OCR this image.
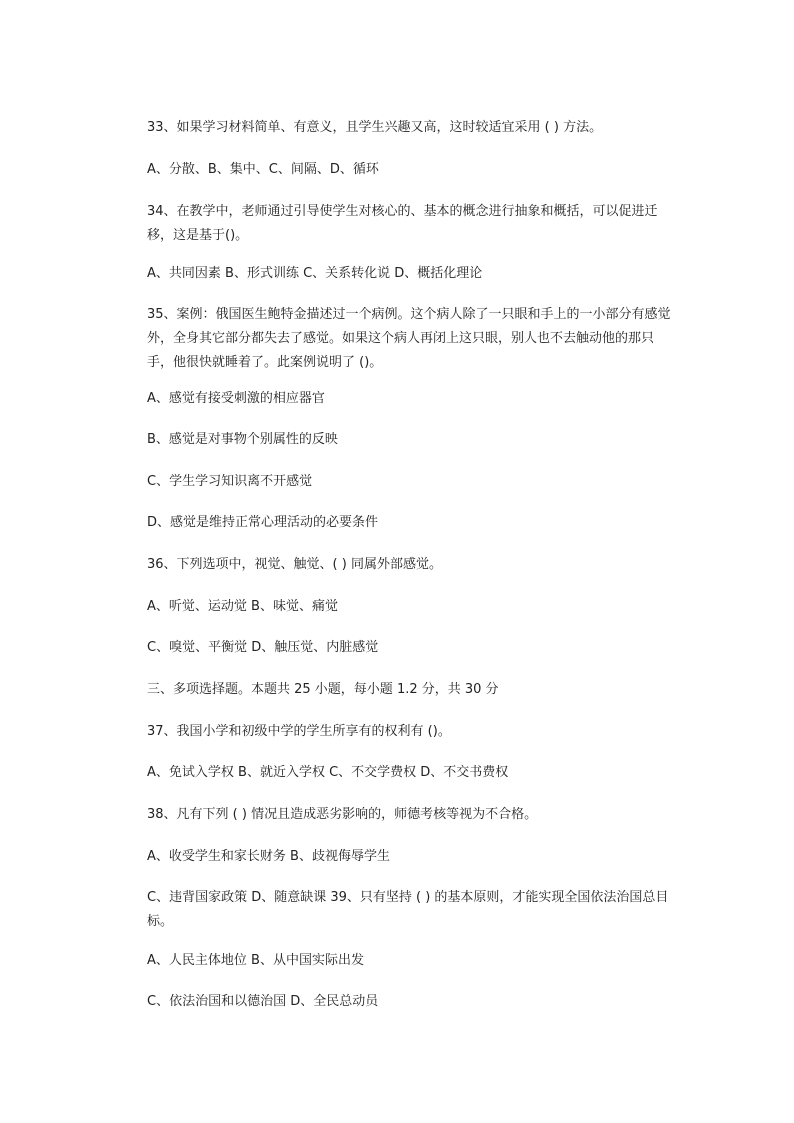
33、如果学习材料简单、有意义，且学生兴趣又高，这时较适宜采用 ( ) 方法。
A、分散、B、集中、C、间隔、D、循环
34、在教学中，老师通过引导使学生对核心的、基本的概念进行抽象和概括，可以促进迁移，这是基于()。
A、共同因素 B、形式训练 C、关系转化说 D、概括化理论
35、案例：俄国医生鲍特金描述过一个病例。这个病人除了一只眼和手上的一小部分有感觉外，全身其它部分都失去了感觉。如果这个病人再闭上这只眼，别人也不去触动他的那只手，他很快就睡着了。此案例说明了 ()。
A、感觉有接受刺激的相应器官
B、感觉是对事物个别属性的反映
C、学生学习知识离不开感觉
D、感觉是维持正常心理活动的必要条件
36、下列选项中，视觉、触觉、( ) 同属外部感觉。
A、听觉、运动觉 B、味觉、痛觉
C、嗅觉、平衡觉 D、触压觉、内脏感觉
三、多项选择题。本题共 25 小题，每小题 1.2 分，共 30 分
37、我国小学和初级中学的学生所享有的权利有 ()。
A、免试入学权 B、就近入学权 C、不交学费权 D、不交书费权
38、凡有下列 ( ) 情况且造成恶劣影响的，师德考核等视为不合格。
A、收受学生和家长财务 B、歧视侮辱学生
C、违背国家政策 D、随意缺课 39、只有坚持 ( ) 的基本原则，才能实现全国依法治国总目标。
A、人民主体地位 B、从中国实际出发
C、依法治国和以德治国 D、全民总动员
